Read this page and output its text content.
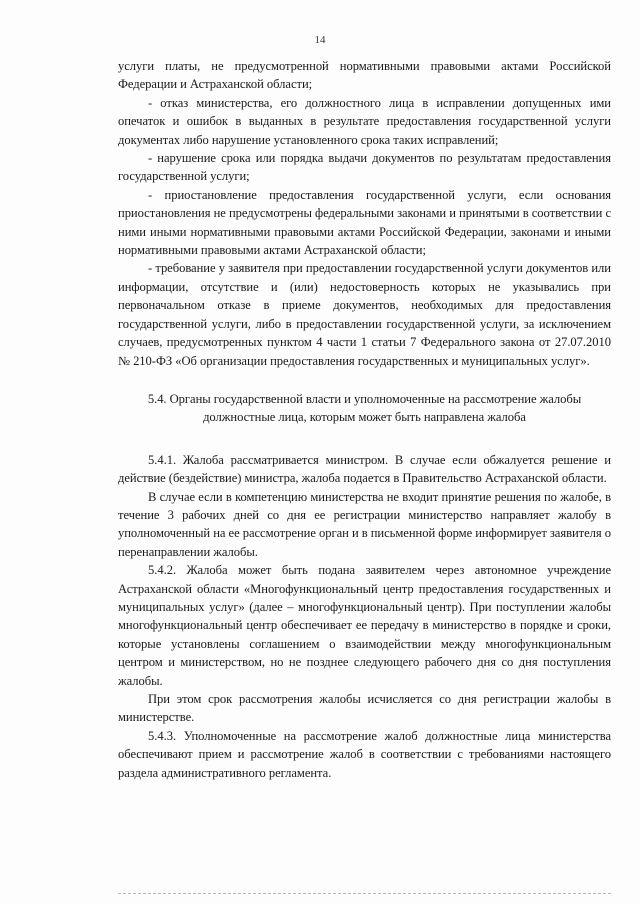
14

услуги платы, не предусмотренной нормативными правовыми актами Российской Федерации и Астраханской области;

- отказ министерства, его должностного лица в исправлении допущенных ими опечаток и ошибок в выданных в результате предоставления государственной услуги документах либо нарушение установленного срока таких исправлений;

- нарушение срока или порядка выдачи документов по результатам предоставления государственной услуги;

- приостановление предоставления государственной услуги, если основания приостановления не предусмотрены федеральными законами и принятыми в соответствии с ними иными нормативными правовыми актами Российской Федерации, законами и иными нормативными правовыми актами Астраханской области;

- требование у заявителя при предоставлении государственной услуги документов или информации, отсутствие и (или) недостоверность которых не указывались при первоначальном отказе в приеме документов, необходимых для предоставления государственной услуги, либо в предоставлении государственной услуги, за исключением случаев, предусмотренных пунктом 4 части 1 статьи 7 Федерального закона от 27.07.2010 № 210-ФЗ «Об организации предоставления государственных и муниципальных услуг».

5.4. Органы государственной власти и уполномоченные на рассмотрение жалобы должностные лица, которым может быть направлена жалоба

5.4.1. Жалоба рассматривается министром. В случае если обжалуется решение и действие (бездействие) министра, жалоба подается в Правительство Астраханской области.

В случае если в компетенцию министерства не входит принятие решения по жалобе, в течение 3 рабочих дней со дня ее регистрации министерство направляет жалобу в уполномоченный на ее рассмотрение орган и в письменной форме информирует заявителя о перенаправлении жалобы.

5.4.2. Жалоба может быть подана заявителем через автономное учреждение Астраханской области «Многофункциональный центр предоставления государственных и муниципальных услуг» (далее – многофункциональный центр). При поступлении жалобы многофункциональный центр обеспечивает ее передачу в министерство в порядке и сроки, которые установлены соглашением о взаимодействии между многофункциональным центром и министерством, но не позднее следующего рабочего дня со дня поступления жалобы.

При этом срок рассмотрения жалобы исчисляется со дня регистрации жалобы в министерстве.

5.4.3. Уполномоченные на рассмотрение жалоб должностные лица министерства обеспечивают прием и рассмотрение жалоб в соответствии с требованиями настоящего раздела административного регламента.
